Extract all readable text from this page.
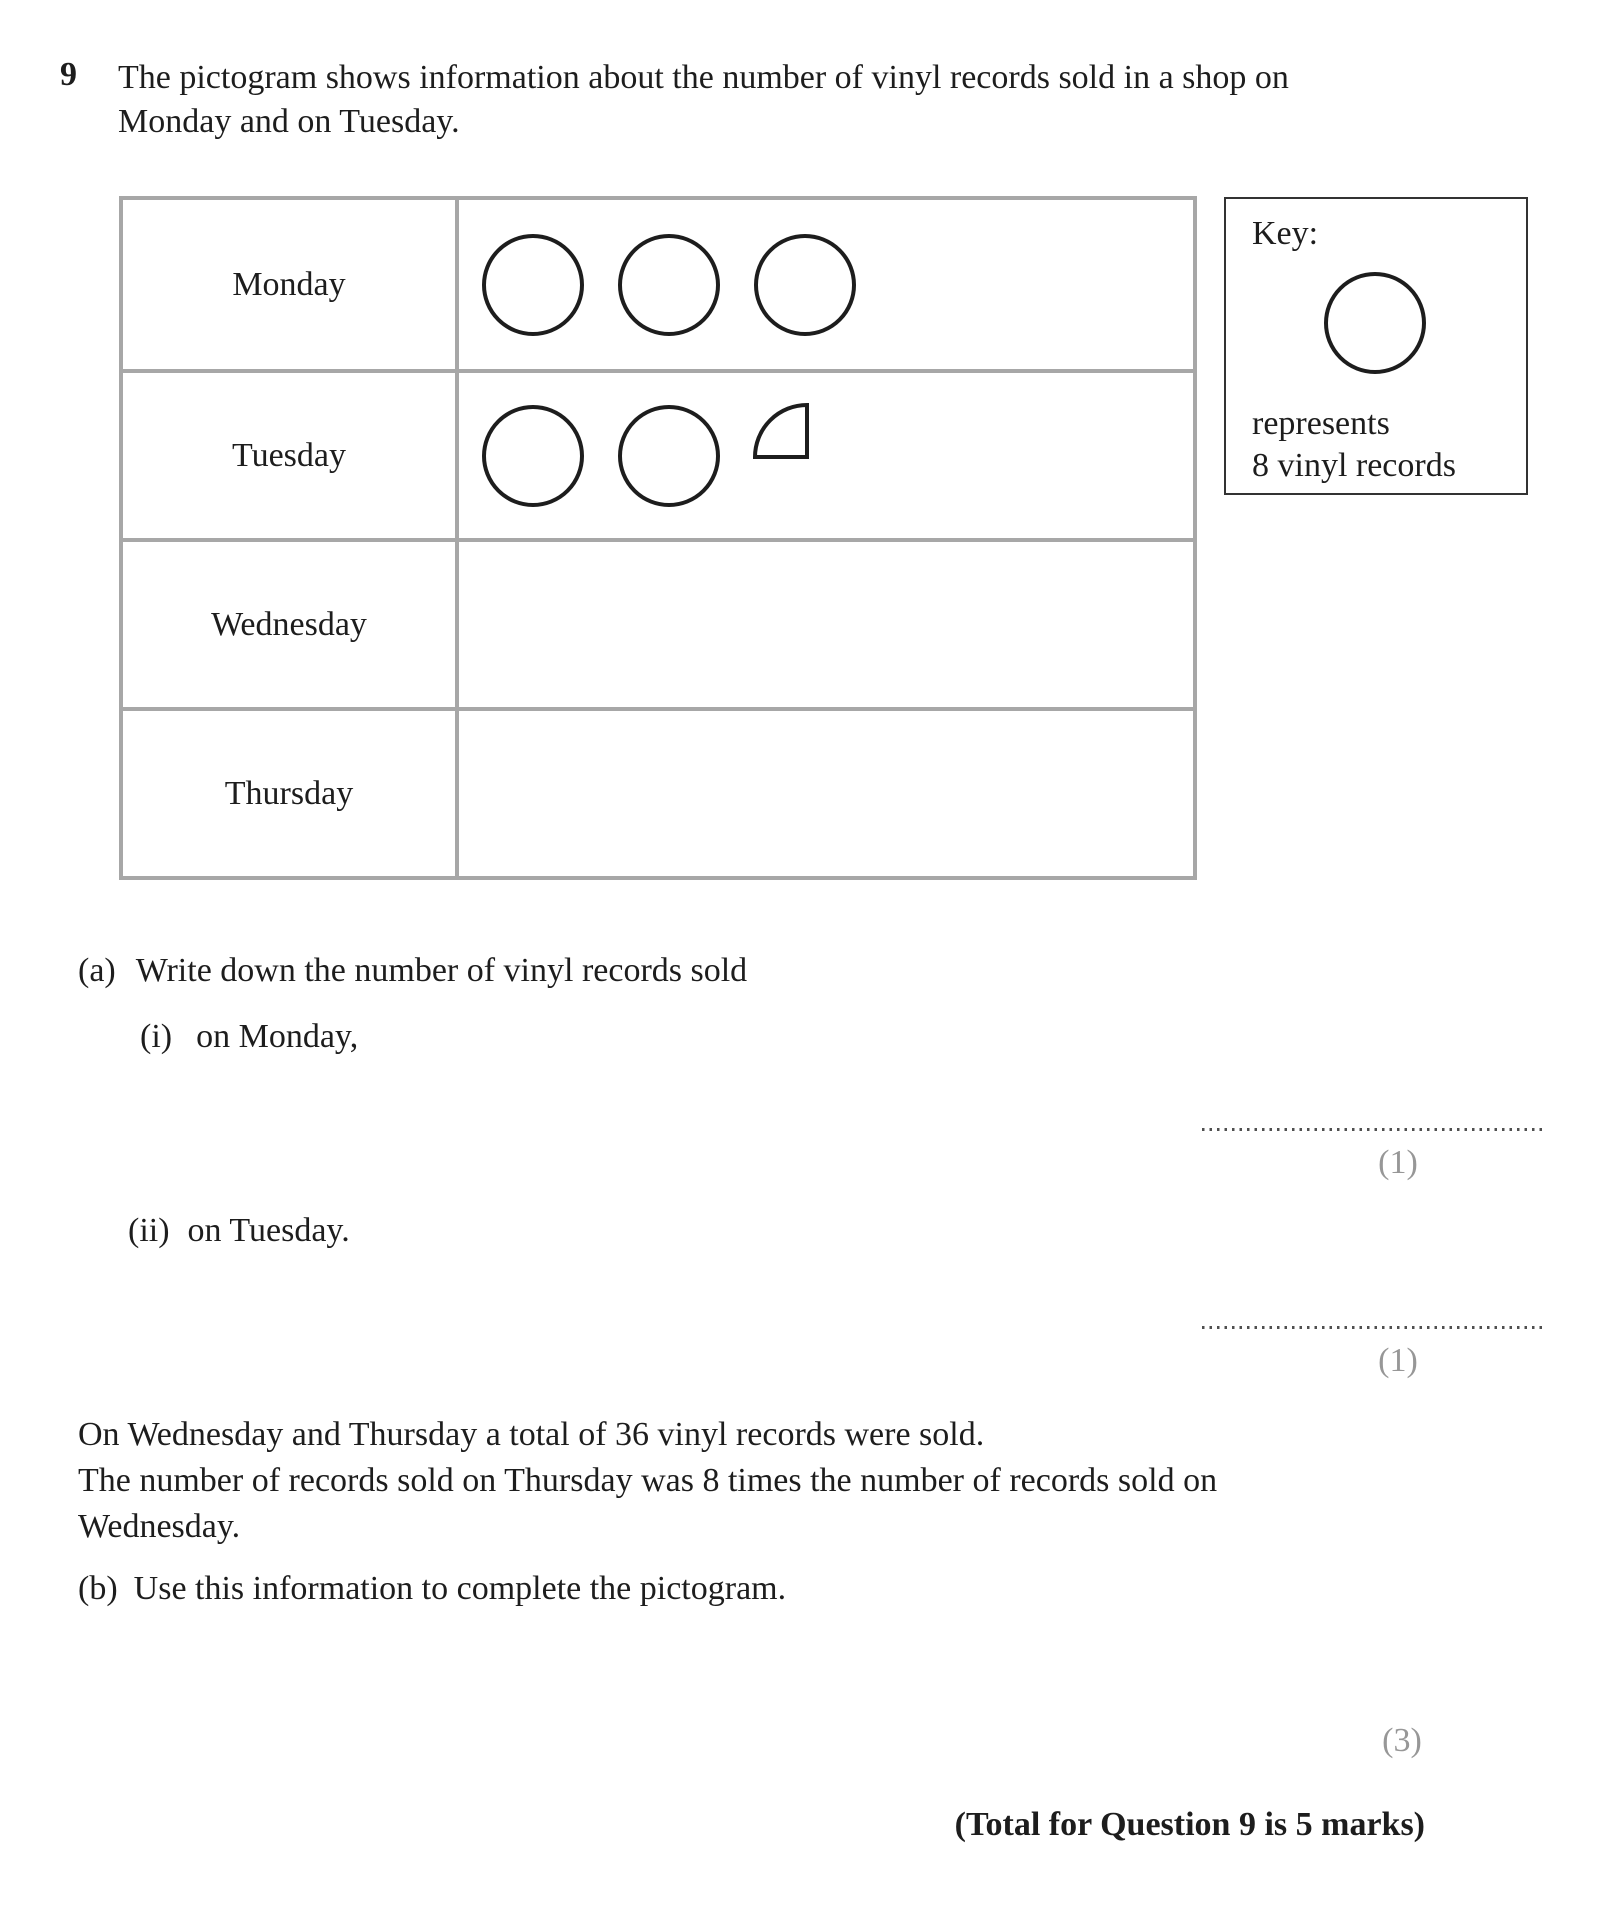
9 The pictogram shows information about the number of vinyl records sold in a shop on
Monday and on Tuesday.
Monday
Tuesday
Wednesday
Thursday
Key:
represents
8 vinyl records
(a) Write down the number of vinyl records sold
(i) on Monday,
(1)
(ii) on Tuesday.
(1)
On Wednesday and Thursday a total of 36 vinyl records were sold.
The number of records sold on Thursday was 8 times the number of records sold on
Wednesday.
(b) Use this information to complete the pictogram.
(3)
(Total for Question 9 is 5 marks)
